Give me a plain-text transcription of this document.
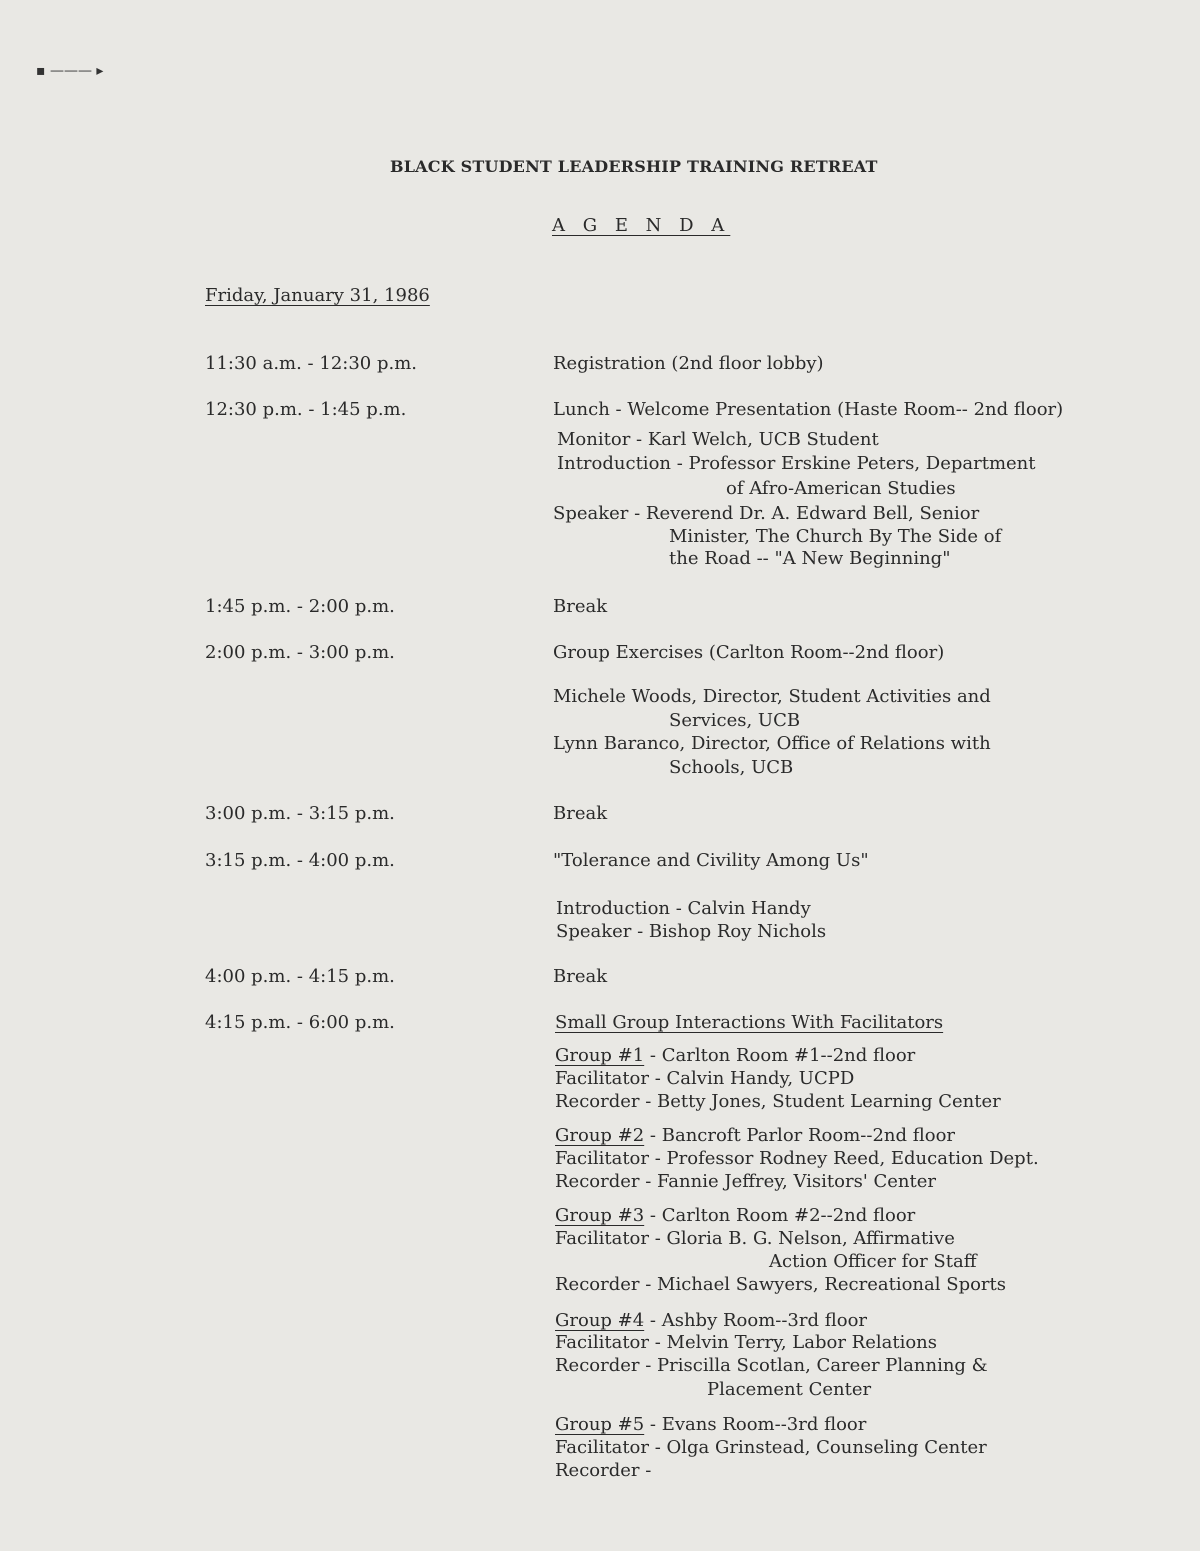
▪ ——— ▸
BLACK STUDENT LEADERSHIP TRAINING RETREAT
A G E N D A
Friday, January 31, 1986
11:30 a.m. - 12:30 p.m.
12:30 p.m. - 1:45 p.m.
1:45 p.m. - 2:00 p.m.
2:00 p.m. - 3:00 p.m.
3:00 p.m. - 3:15 p.m.
3:15 p.m. - 4:00 p.m.
4:00 p.m. - 4:15 p.m.
4:15 p.m. - 6:00 p.m.
Registration (2nd floor lobby)
Lunch - Welcome Presentation (Haste Room-- 2nd floor)
Monitor - Karl Welch, UCB Student
Introduction - Professor Erskine Peters, Department
of Afro-American Studies
Speaker - Reverend Dr. A. Edward Bell, Senior
Minister, The Church By The Side of
the Road -- "A New Beginning"
Break
Group Exercises (Carlton Room--2nd floor)
Michele Woods, Director, Student Activities and
Services, UCB
Lynn Baranco, Director, Office of Relations with
Schools, UCB
Break
"Tolerance and Civility Among Us"
Introduction - Calvin Handy
Speaker - Bishop Roy Nichols
Break
Small Group Interactions With Facilitators
Group #1 - Carlton Room #1--2nd floor
Facilitator - Calvin Handy, UCPD
Recorder - Betty Jones, Student Learning Center
Group #2 - Bancroft Parlor Room--2nd floor
Facilitator - Professor Rodney Reed, Education Dept.
Recorder - Fannie Jeffrey, Visitors' Center
Group #3 - Carlton Room #2--2nd floor
Facilitator - Gloria B. G. Nelson, Affirmative
Action Officer for Staff
Recorder - Michael Sawyers, Recreational Sports
Group #4 - Ashby Room--3rd floor
Facilitator - Melvin Terry, Labor Relations
Recorder - Priscilla Scotlan, Career Planning &
Placement Center
Group #5 - Evans Room--3rd floor
Facilitator - Olga Grinstead, Counseling Center
Recorder -
